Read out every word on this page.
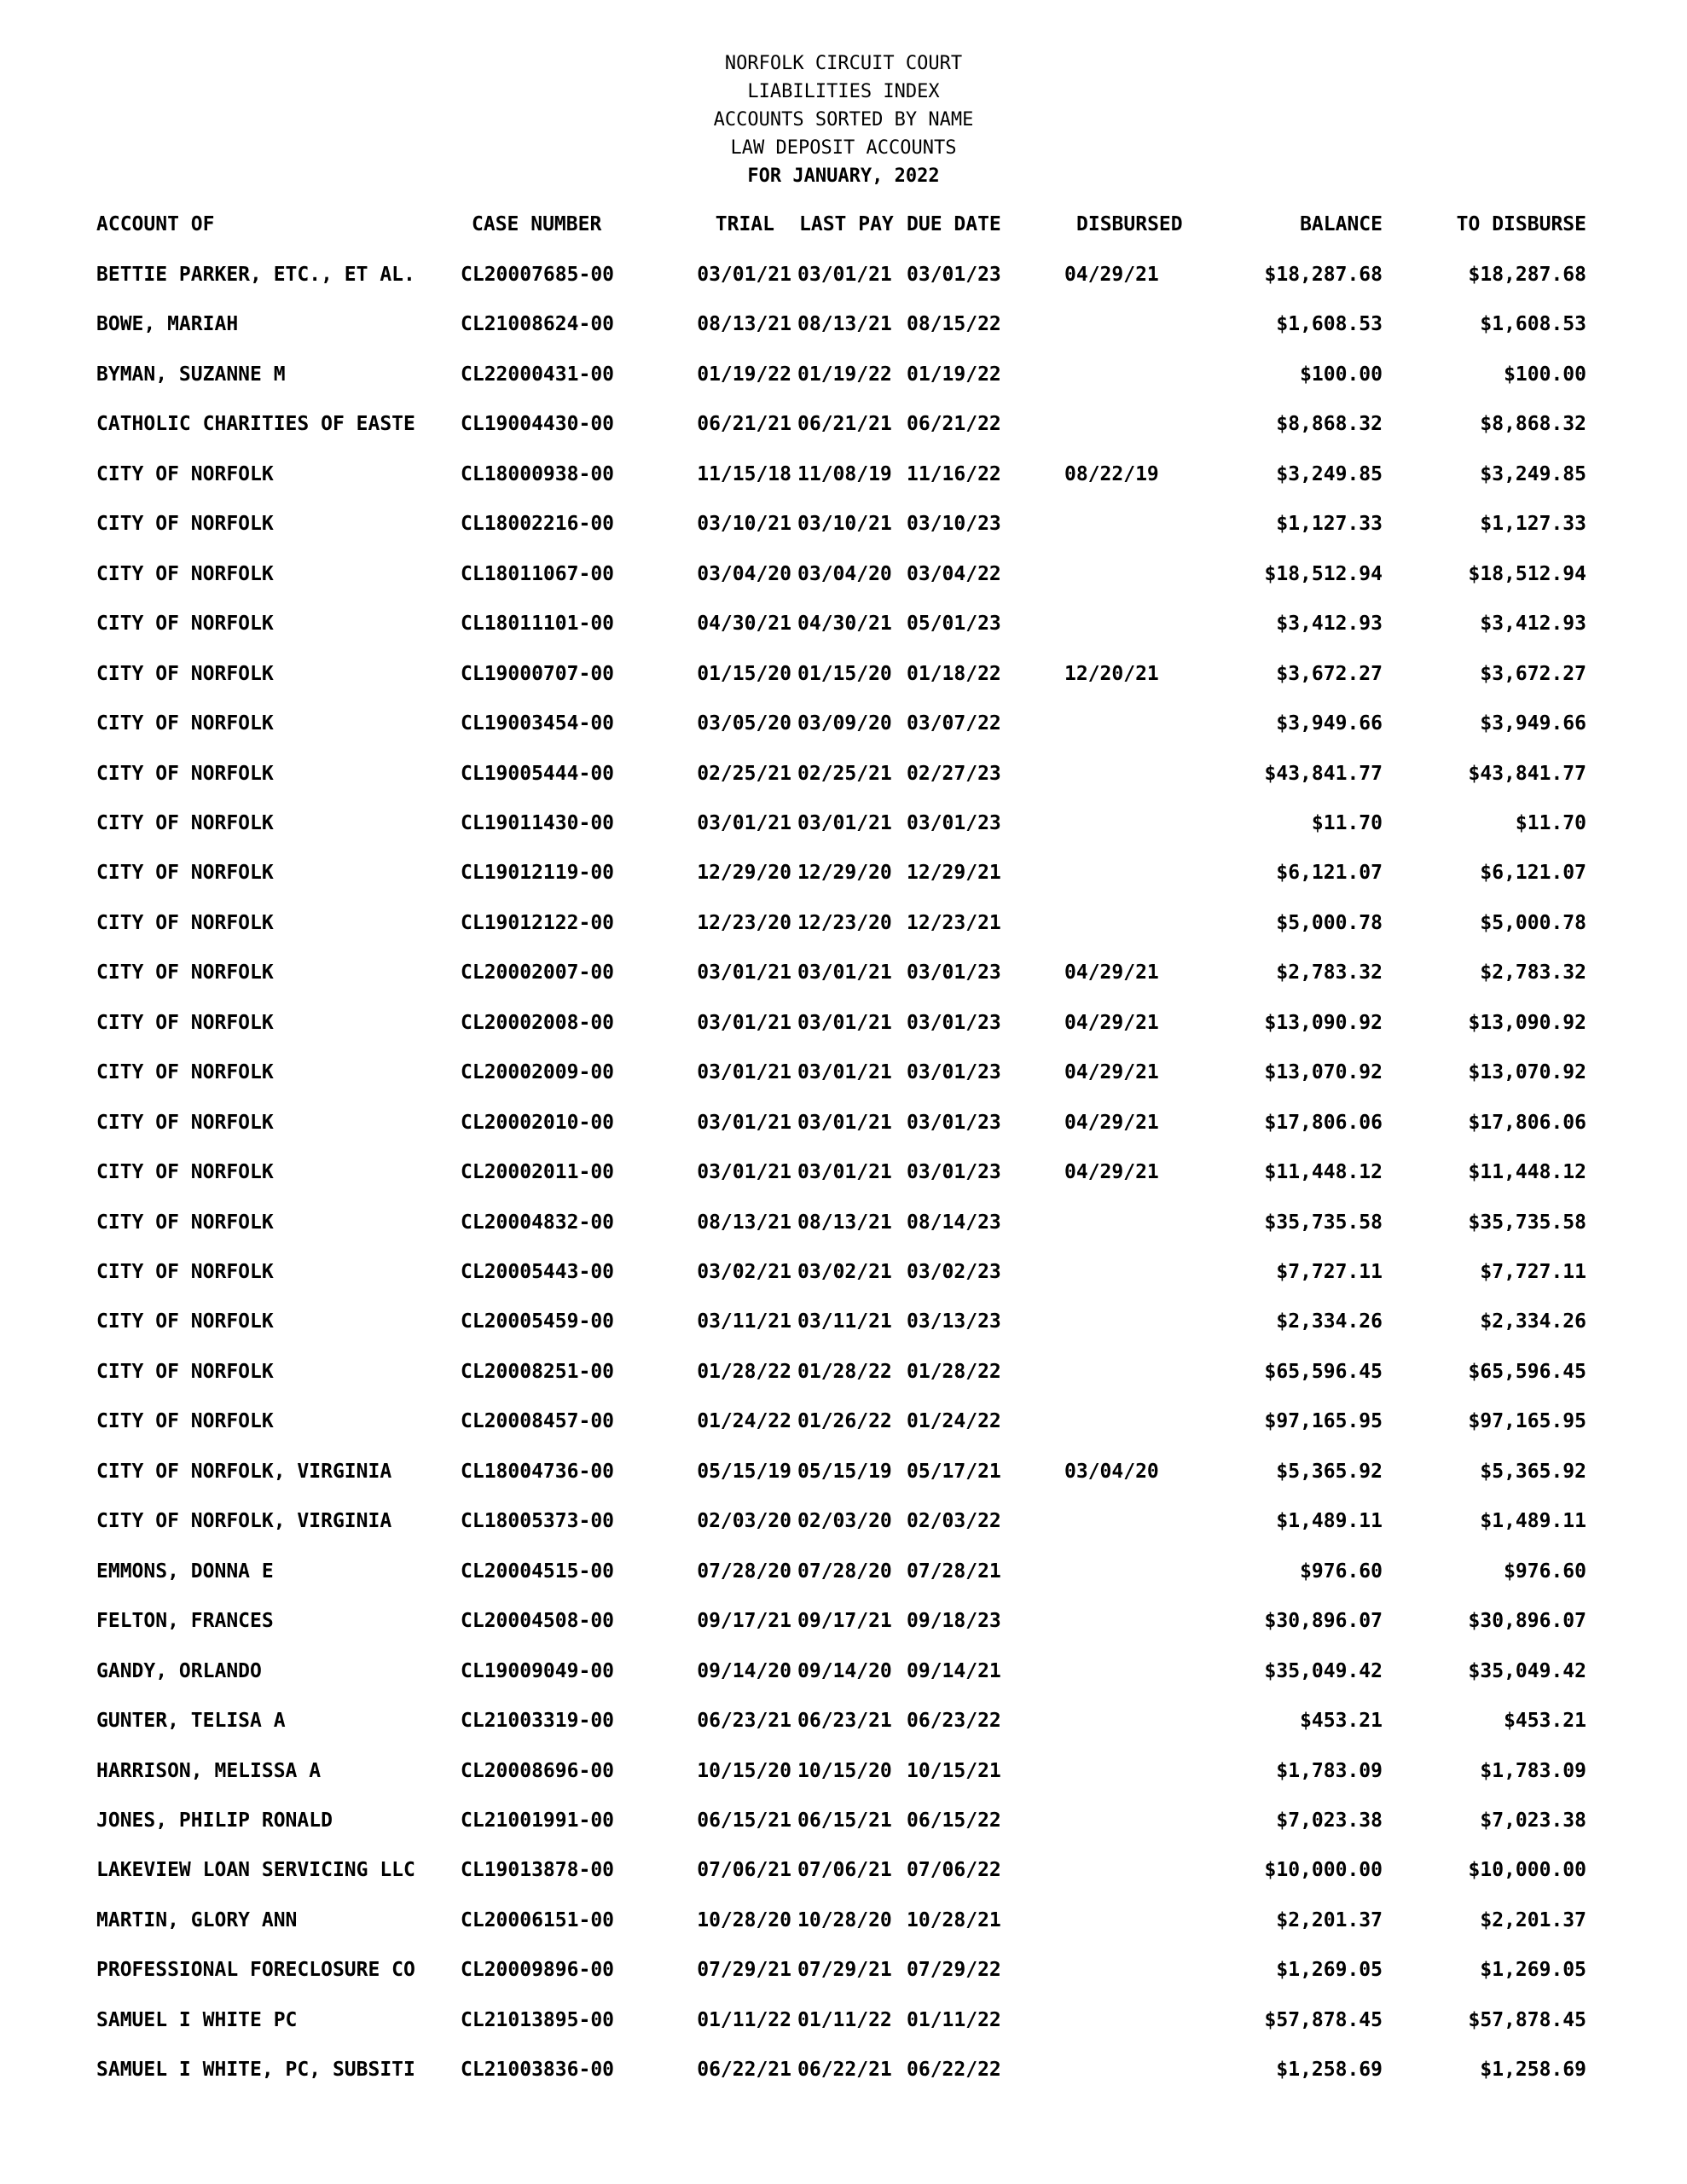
NORFOLK CIRCUIT COURT
LIABILITIES INDEX
ACCOUNTS SORTED BY NAME
LAW DEPOSIT ACCOUNTS
FOR JANUARY, 2022
ACCOUNT OF	CASE NUMBER	TRIAL LAST PAY DUE DATE	DISBURSED	BALANCE	TO DISBURSE
BETTIE PARKER, ETC., ET AL. CL20007685-00	03/01/21 03/01/21 03/01/23	04/29/21	$18,287.68	$18,287.68
BOWE, MARIAH	CL21008624-00	08/13/21 08/13/21 08/15/22	$1,608.53	$1,608.53
BYMAN, SUZANNE M	CL22000431-00	01/19/22 01/19/22 01/19/22	$100.00	$100.00
CATHOLIC CHARITIES OF EASTE CL19004430-00	06/21/21 06/21/21 06/21/22	$8,868.32	$8,868.32
CITY OF NORFOLK	CL18000938-00	11/15/18 11/08/19 11/16/22	08/22/19	$3,249.85	$3,249.85
CITY OF NORFOLK	CL18002216-00	03/10/21 03/10/21 03/10/23	$1,127.33	$1,127.33
CITY OF NORFOLK	CL18011067-00	03/04/20 03/04/20 03/04/22	$18,512.94	$18,512.94
CITY OF NORFOLK	CL18011101-00	04/30/21 04/30/21 05/01/23	$3,412.93	$3,412.93
CITY OF NORFOLK	CL19000707-00	01/15/20 01/15/20 01/18/22	12/20/21	$3,672.27	$3,672.27
CITY OF NORFOLK	CL19003454-00	03/05/20 03/09/20 03/07/22	$3,949.66	$3,949.66
CITY OF NORFOLK	CL19005444-00	02/25/21 02/25/21 02/27/23	$43,841.77	$43,841.77
CITY OF NORFOLK	CL19011430-00	03/01/21 03/01/21 03/01/23	$11.70	$11.70
CITY OF NORFOLK	CL19012119-00	12/29/20 12/29/20 12/29/21	$6,121.07	$6,121.07
CITY OF NORFOLK	CL19012122-00	12/23/20 12/23/20 12/23/21	$5,000.78	$5,000.78
CITY OF NORFOLK	CL20002007-00	03/01/21 03/01/21 03/01/23	04/29/21	$2,783.32	$2,783.32
CITY OF NORFOLK	CL20002008-00	03/01/21 03/01/21 03/01/23	04/29/21	$13,090.92	$13,090.92
CITY OF NORFOLK	CL20002009-00	03/01/21 03/01/21 03/01/23	04/29/21	$13,070.92	$13,070.92
CITY OF NORFOLK	CL20002010-00	03/01/21 03/01/21 03/01/23	04/29/21	$17,806.06	$17,806.06
CITY OF NORFOLK	CL20002011-00	03/01/21 03/01/21 03/01/23	04/29/21	$11,448.12	$11,448.12
CITY OF NORFOLK	CL20004832-00	08/13/21 08/13/21 08/14/23	$35,735.58	$35,735.58
CITY OF NORFOLK	CL20005443-00	03/02/21 03/02/21 03/02/23	$7,727.11	$7,727.11
CITY OF NORFOLK	CL20005459-00	03/11/21 03/11/21 03/13/23	$2,334.26	$2,334.26
CITY OF NORFOLK	CL20008251-00	01/28/22 01/28/22 01/28/22	$65,596.45	$65,596.45
CITY OF NORFOLK	CL20008457-00	01/24/22 01/26/22 01/24/22	$97,165.95	$97,165.95
CITY OF NORFOLK, VIRGINIA	CL18004736-00	05/15/19 05/15/19 05/17/21	03/04/20	$5,365.92	$5,365.92
CITY OF NORFOLK, VIRGINIA	CL18005373-00	02/03/20 02/03/20 02/03/22	$1,489.11	$1,489.11
EMMONS, DONNA E	CL20004515-00	07/28/20 07/28/20 07/28/21	$976.60	$976.60
FELTON, FRANCES	CL20004508-00	09/17/21 09/17/21 09/18/23	$30,896.07	$30,896.07
GANDY, ORLANDO	CL19009049-00	09/14/20 09/14/20 09/14/21	$35,049.42	$35,049.42
GUNTER, TELISA A	CL21003319-00	06/23/21 06/23/21 06/23/22	$453.21	$453.21
HARRISON, MELISSA A	CL20008696-00	10/15/20 10/15/20 10/15/21	$1,783.09	$1,783.09
JONES, PHILIP RONALD	CL21001991-00	06/15/21 06/15/21 06/15/22	$7,023.38	$7,023.38
LAKEVIEW LOAN SERVICING LLC CL19013878-00	07/06/21 07/06/21 07/06/22	$10,000.00	$10,000.00
MARTIN, GLORY ANN	CL20006151-00	10/28/20 10/28/20 10/28/21	$2,201.37	$2,201.37
PROFESSIONAL FORECLOSURE CO CL20009896-00	07/29/21 07/29/21 07/29/22	$1,269.05	$1,269.05
SAMUEL I WHITE PC	CL21013895-00	01/11/22 01/11/22 01/11/22	$57,878.45	$57,878.45
SAMUEL I WHITE, PC, SUBSITI CL21003836-00	06/22/21 06/22/21 06/22/22	$1,258.69	$1,258.69
